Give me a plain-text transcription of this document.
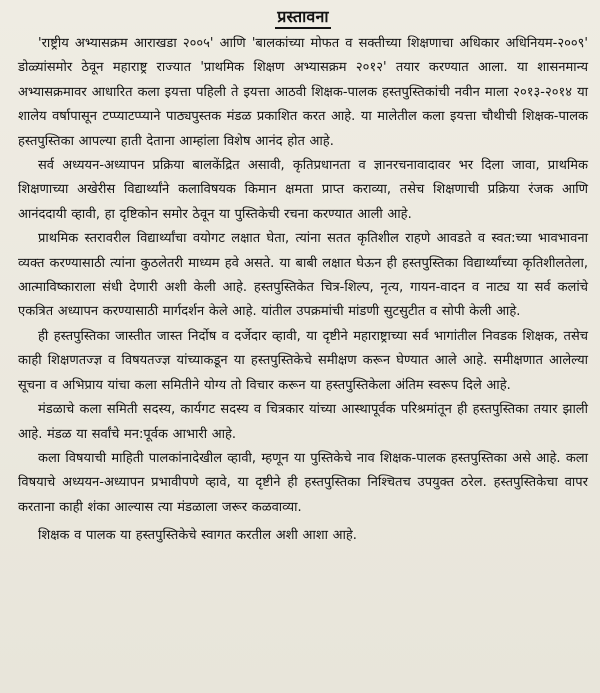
प्रस्तावना

'राष्ट्रीय अभ्यासक्रम आराखडा २००५' आणि 'बालकांच्या मोफत व सक्तीच्या शिक्षणाचा अधिकार अधिनियम-२००९' डोळ्यांसमोर ठेवून महाराष्ट्र राज्यात 'प्राथमिक शिक्षण अभ्यासक्रम २०१२' तयार करण्यात आला. या शासनमान्य अभ्यासक्रमावर आधारित कला इयत्ता पहिली ते इयत्ता आठवी शिक्षक-पालक हस्तपुस्तिकांची नवीन माला २०१३-२०१४ या शालेय वर्षापासून टप्प्याटप्प्याने पाठ्यपुस्तक मंडळ प्रकाशित करत आहे. या मालेतील कला इयत्ता चौथीची शिक्षक-पालक हस्तपुस्तिका आपल्या हाती देताना आम्हांला विशेष आनंद होत आहे.

सर्व अध्ययन-अध्यापन प्रक्रिया बालकेंद्रित असावी, कृतिप्रधानता व ज्ञानरचनावादावर भर दिला जावा, प्राथमिक शिक्षणाच्या अखेरीस विद्यार्थ्यांने कलाविषयक किमान क्षमता प्राप्त कराव्या, तसेच शिक्षणाची प्रक्रिया रंजक आणि आनंददायी व्हावी, हा दृष्टिकोन समोर ठेवून या पुस्तिकेची रचना करण्यात आली आहे.

प्राथमिक स्तरावरील विद्यार्थ्यांचा वयोगट लक्षात घेता, त्यांना सतत कृतिशील राहणे आवडते व स्वत:च्या भावभावना व्यक्त करण्यासाठी त्यांना कुठलेतरी माध्यम हवे असते. या बाबी लक्षात घेऊन ही हस्तपुस्तिका विद्यार्थ्यांच्या कृतिशीलतेला, आत्माविष्काराला संधी देणारी अशी केली आहे. हस्तपुस्तिकेत चित्र-शिल्प, नृत्य, गायन-वादन व नाट्य या सर्व कलांचे एकत्रित अध्यापन करण्यासाठी मार्गदर्शन केले आहे. यांतील उपक्रमांची मांडणी सुटसुटीत व सोपी केली आहे.

ही हस्तपुस्तिका जास्तीत जास्त निर्दोष व दर्जेदार व्हावी, या दृष्टीने महाराष्ट्राच्या सर्व भागांतील निवडक शिक्षक, तसेच काही शिक्षणतज्ज्ञ व विषयतज्ज्ञ यांच्याकडून या हस्तपुस्तिकेचे समीक्षण करून घेण्यात आले आहे. समीक्षणात आलेल्या सूचना व अभिप्राय यांचा कला समितीने योग्य तो विचार करून या हस्तपुस्तिकेला अंतिम स्वरूप दिले आहे.

मंडळाचे कला समिती सदस्य, कार्यगट सदस्य व चित्रकार यांच्या आस्थापूर्वक परिश्रमांतून ही हस्तपुस्तिका तयार झाली आहे. मंडळ या सर्वांचे मन:पूर्वक आभारी आहे.

कला विषयाची माहिती पालकांनादेखील व्हावी, म्हणून या पुस्तिकेचे नाव शिक्षक-पालक हस्तपुस्तिका असे आहे. कला विषयाचे अध्ययन-अध्यापन प्रभावीपणे व्हावे, या दृष्टीने ही हस्तपुस्तिका निश्चितच उपयुक्त ठरेल. हस्तपुस्तिकेचा वापर करताना काही शंका आल्यास त्या मंडळाला जरूर कळवाव्या.

शिक्षक व पालक या हस्तपुस्तिकेचे स्वागत करतील अशी आशा आहे.
